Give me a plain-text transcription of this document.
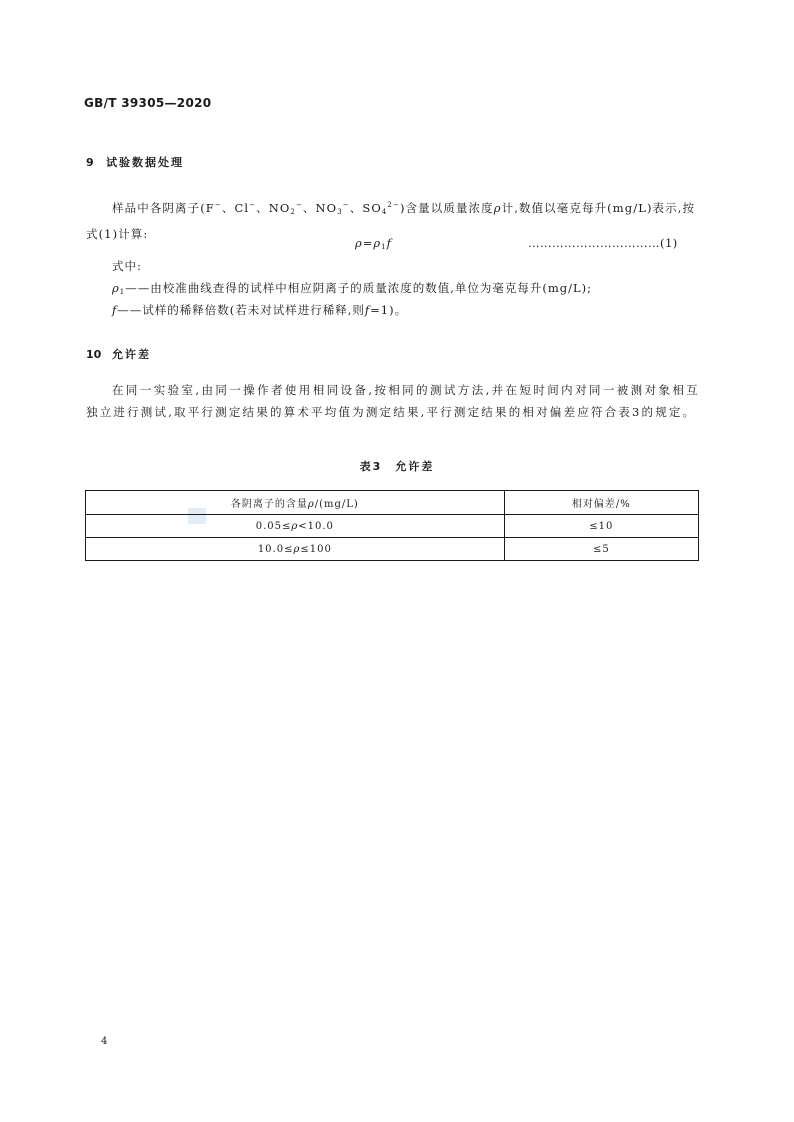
GB/T 39305—2020
9 试验数据处理
样品中各阴离子(F−、Cl−、$NO_2^-$、$NO_3^-$、$SO_4^{2-}$)含量以质量浓度ρ计,数值以毫克每升(mg/L)表示,按式(1)计算:
$\rho=\rho_1f$	……………………………(1)
式中:
$\rho_1——$由校准曲线查得的试样中相应阴离子的质量浓度的数值,单位为毫克每升(mg/L);
f——试样的稀释倍数(若未对试样进行稀释,则f=1)。
10 允许差
在同一实验室,由同一操作者使用相同设备,按相同的测试方法,并在短时间内对同一被测对象相互独立进行测试,取平行测定结果的算术平均值为测定结果,平行测定结果的相对偏差应符合表3的规定。
表3　允许差
各阴离子的含量ρ/(mg/L)	相对偏差/%
0.05≤ρ<10.0	≤10
10.0≤ρ≤100	≤5
4
